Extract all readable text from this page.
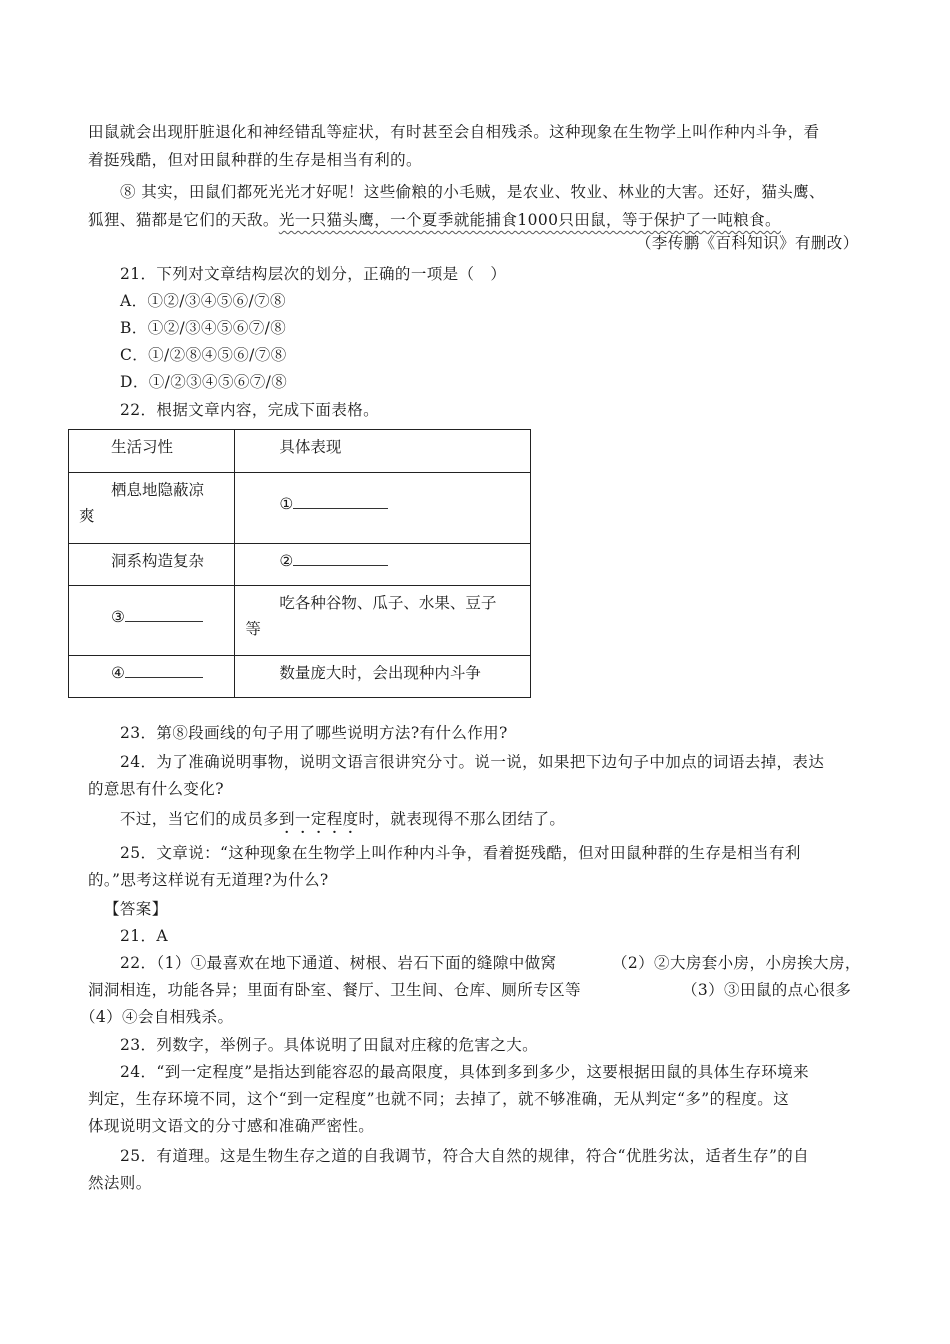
田鼠就会出现肝脏退化和神经错乱等症状，有时甚至会自相残杀。这种现象在生物学上叫作种内斗争，看
着挺残酷，但对田鼠种群的生存是相当有利的。
⑧ 其实，田鼠们都死光光才好呢！这些偷粮的小毛贼，是农业、牧业、林业的大害。还好，猫头鹰、
狐狸、猫都是它们的天敌。光一只猫头鹰，一个夏季就能捕食1000只田鼠，等于保护了一吨粮食。
（李传鹏《百科知识》有删改）
21．下列对文章结构层次的划分，正确的一项是（　）
A．①②/③④⑤⑥/⑦⑧
B．①②/③④⑤⑥⑦/⑧
C．①/②⑧④⑤⑥/⑦⑧
D．①/②③④⑤⑥⑦/⑧
22．根据文章内容，完成下面表格。
生活习性	具体表现

栖息地隐蔽凉
爽	①

洞系构造复杂	②

③	吃各种谷物、瓜子、水果、豆子
等

④	数量庞大时，会出现种内斗争
23．第⑧段画线的句子用了哪些说明方法?有什么作用?
24．为了准确说明事物，说明文语言很讲究分寸。说一说，如果把下边句子中加点的词语去掉，表达
的意思有什么变化?
不过，当它们的成员多到一定程度时，就表现得不那么团结了。
25．文章说：“这种现象在生物学上叫作种内斗争，看着挺残酷，但对田鼠种群的生存是相当有利
的。”思考这样说有无道理?为什么?
【答案】
21．A
22．（1）①最喜欢在地下通道、树根、岩石下面的缝隙中做窝	（2）②大房套小房，小房挨大房，
洞洞相连，功能各异；里面有卧室、餐厅、卫生间、仓库、厕所专区等	（3）③田鼠的点心很多
（4）④会自相残杀。
23．列数字，举例子。具体说明了田鼠对庄稼的危害之大。
24．“到一定程度”是指达到能容忍的最高限度，具体到多到多少，这要根据田鼠的具体生存环境来
判定，生存环境不同，这个“到一定程度”也就不同；去掉了，就不够准确，无从判定“多”的程度。这
体现说明文语文的分寸感和准确严密性。
25．有道理。这是生物生存之道的自我调节，符合大自然的规律，符合“优胜劣汰，适者生存”的自
然法则。
